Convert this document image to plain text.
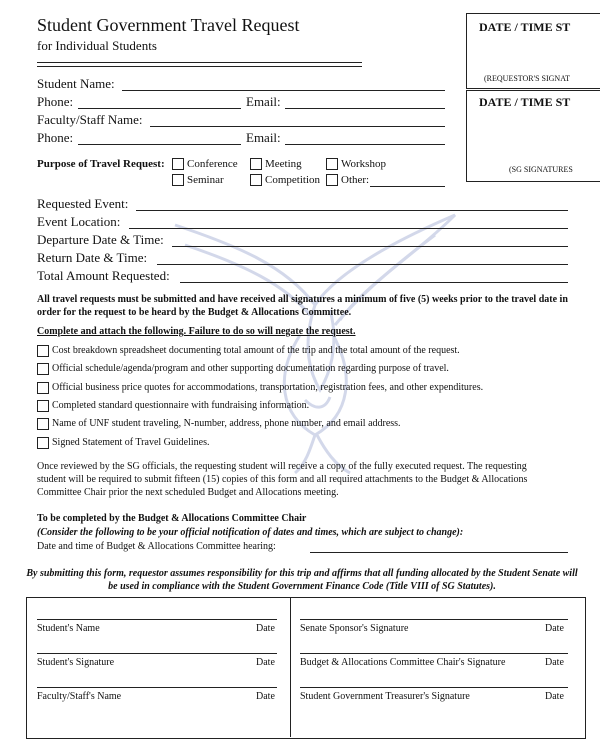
Student Government Travel Request
for Individual Students
DATE / TIME ST
(REQUESTOR'S SIGNAT
DATE / TIME ST
(SG SIGNATURES
Student Name:
Phone:	Email:
Faculty/Staff Name:
Phone:	Email:
Purpose of Travel Request: Conference Meeting	Workshop
Seminar	Competition Other:
Requested Event:
Event Location:
Departure Date & Time:
Return Date & Time:
Total Amount Requested:
All travel requests must be submitted and have received all signatures a minimum of five (5) weeks prior to the travel date in order for the request to be heard by the Budget & Allocations Committee.
Complete and attach the following. Failure to do so will negate the request.
Cost breakdown spreadsheet documenting total amount of the trip and the total amount of the request.
Official schedule/agenda/program and other supporting documentation regarding purpose of travel.
Official business price quotes for accommodations, transportation, registration fees, and other expenditures.
Completed standard questionnaire with fundraising information.
Name of UNF student traveling, N-number, address, phone number, and email address.
Signed Statement of Travel Guidelines.
Once reviewed by the SG officials, the requesting student will receive a copy of the fully executed request. The requesting student will be required to submit fifteen (15) copies of this form and all required attachments to the Budget & Allocations Committee Chair prior the next scheduled Budget and Allocations meeting.
To be completed by the Budget & Allocations Committee Chair
(Consider the following to be your official notification of dates and times, which are subject to change):
Date and time of Budget & Allocations Committee hearing:
By submitting this form, requestor assumes responsibility for this trip and affirms that all funding allocated by the Student Senate will be used in compliance with the Student Government Finance Code (Title VIII of SG Statutes).
Student's Name	Date
Student's Signature	Date
Faculty/Staff's Name	Date
Senate Sponsor's Signature	Date
Budget & Allocations Committee Chair's Signature	Date
Student Government Treasurer's Signature	Date
